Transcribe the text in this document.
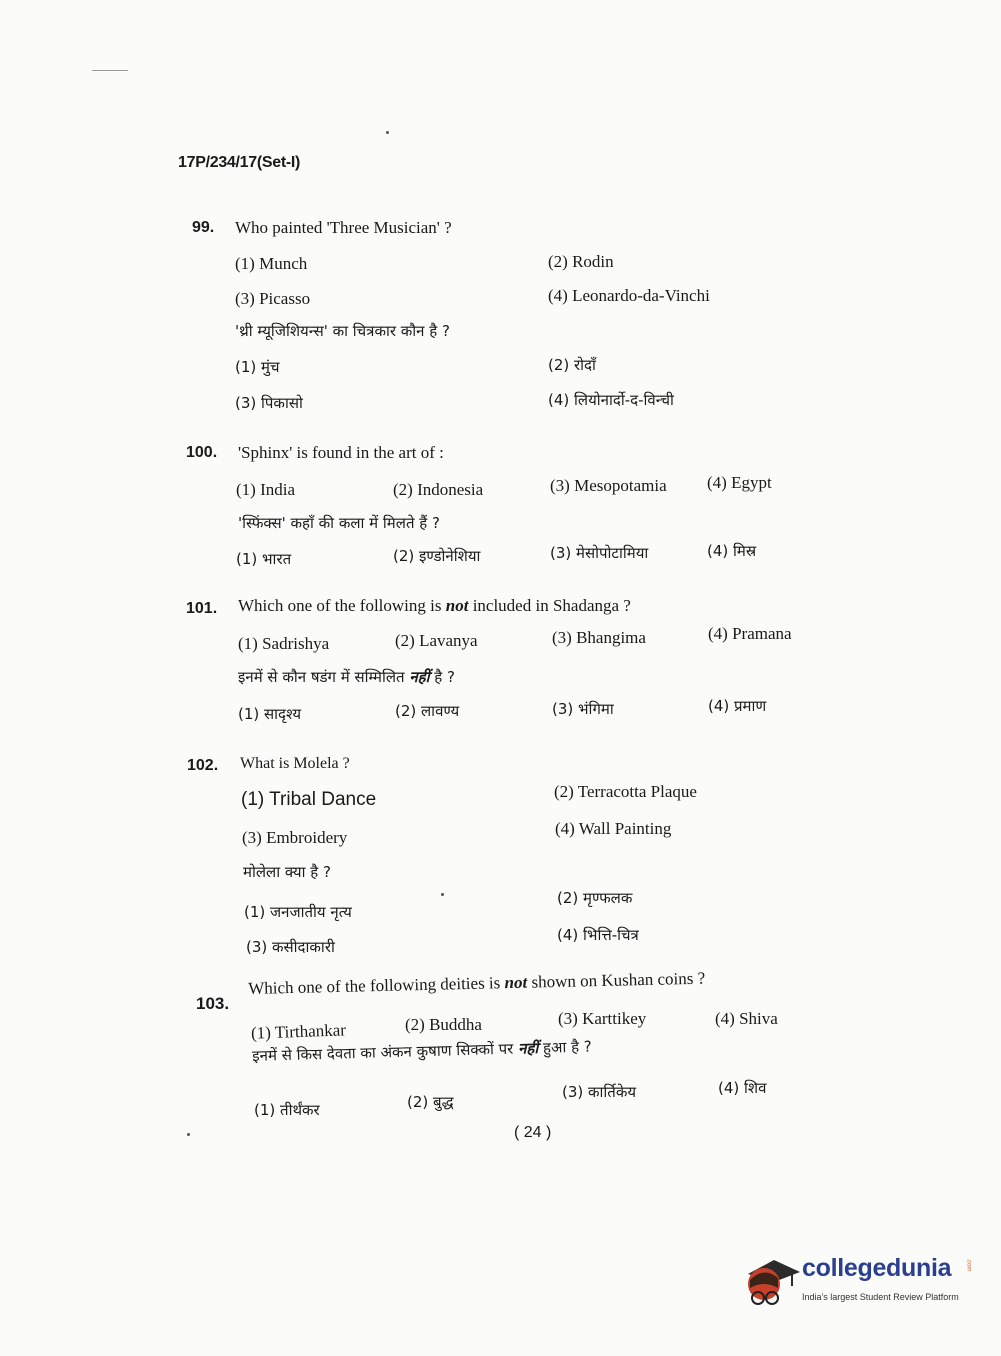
17P/234/17(Set-I)
99. Who painted 'Three Musician' ?
(1) Munch	(2) Rodin
(3) Picasso	(4) Leonardo-da-Vinchi
'थ्री म्यूजिशियन्स' का चित्रकार कौन है ?
(1) मुंच	(2) रोदाँ
(3) पिकासो	(4) लियोनार्दो-द-विन्ची
100. 'Sphinx' is found in the art of :
(1) India	(2) Indonesia	(3) Mesopotamia (4) Egypt
'स्फिंक्स' कहाँ की कला में मिलते हैं ?
(1) भारत	(2) इण्डोनेशिया	(3) मेसोपोटामिया	(4) मिस्र
101. Which one of the following is not included in Shadanga ?
(1) Sadrishya	(2) Lavanya	(3) Bhangima	(4) Pramana
इनमें से कौन षडंग में सम्मिलित नहीं है ?
(1) सादृश्य	(2) लावण्य	(3) भंगिमा	(4) प्रमाण
102. What is Molela ?
(1) Tribal Dance	(2) Terracotta Plaque
(3) Embroidery	(4) Wall Painting
मोलेला क्या है ?
(1) जनजातीय नृत्य
(2) मृण्फलक
(3) कसीदाकारी
(4) भित्ति-चित्र
103.
Which one of the following deities is not shown on Kushan coins ?
(1) Tirthankar	(2) Buddha	(3) Karttikey	(4) Shiva
इनमें से किस देवता का अंकन कुषाण सिक्कों पर नहीं हुआ है ?
(1) तीर्थंकर	(2) बुद्ध
(3) कार्तिकेय	(4) शिव
( 24 )
collegedunia .com
India's largest Student Review Platform
